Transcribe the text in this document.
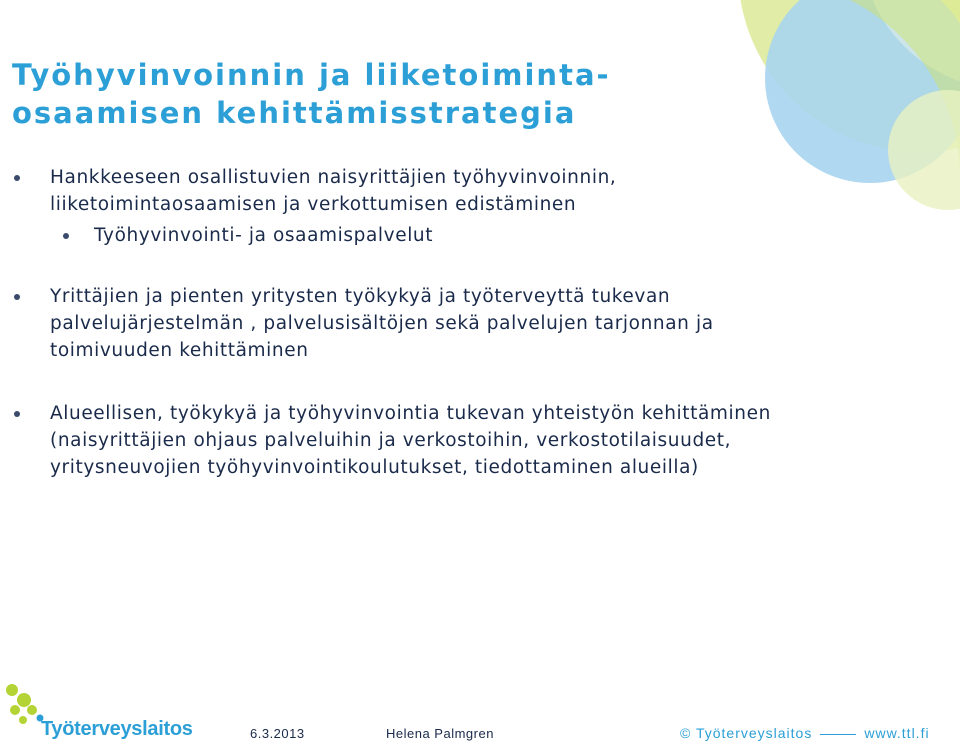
Työhyvinvoinnin ja liiketoiminta-
osaamisen kehittämisstrategia
Hankkeeseen osallistuvien naisyrittäjien työhyvinvoinnin,
liiketoimintaosaamisen ja verkottumisen edistäminen
Työhyvinvointi- ja osaamispalvelut
Yrittäjien ja pienten yritysten työkykyä ja työterveyttä tukevan
palvelujärjestelmän , palvelusisältöjen sekä palvelujen tarjonnan ja
toimivuuden kehittäminen
Alueellisen, työkykyä ja työhyvinvointia tukevan yhteistyön kehittäminen
(naisyrittäjien ohjaus palveluihin ja verkostoihin, verkostotilaisuudet,
yritysneuvojien työhyvinvointikoulutukset, tiedottaminen alueilla)
Työterveyslaitos	6.3.2013	Helena Palmgren	© Työterveyslaitos	www.ttl.fi
